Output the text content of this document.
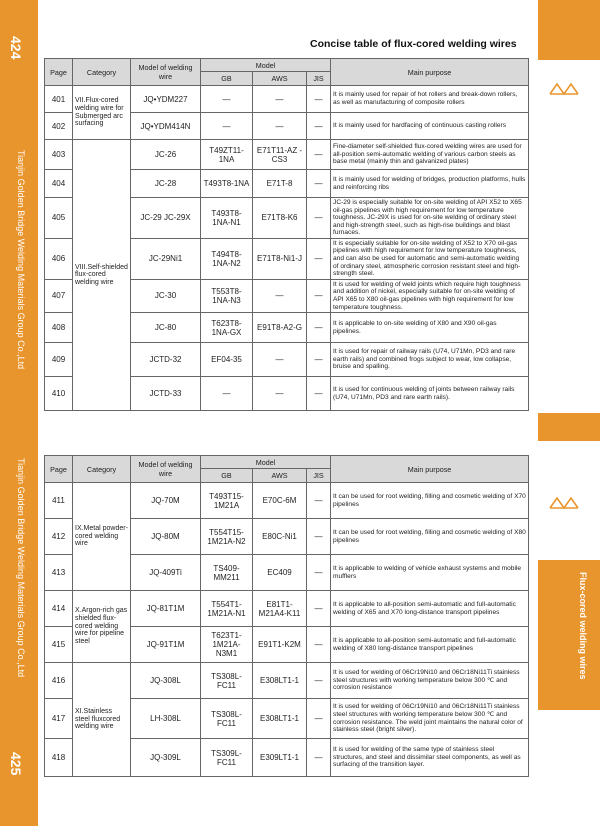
424
Tianjin Golden Bridge Welding Materials Group Co.,Ltd
Tianjin Golden Bridge Welding Materials Group Co.,Ltd
425
Flux-cored welding wires
Concise table of flux-cored welding wires
Page	Category	Model of welding wire	Model			Main purpose
			GB	AWS	JIS	
401	VII.Flux-cored welding wire for Submerged arc surfacing	JQ•YDM227	—	—	—	It is mainly used for repair of hot rollers and break-down rollers, as well as manufacturing of composite rollers
402		JQ•YDM414N	—	—	—	It is mainly used for hardfacing of continuous casting rollers
403	VIII.Self-shielded flux-cored welding wire	JC-26	T49ZT11-1NA	E71T11-AZ -CS3	—	Fine-diameter self-shielded flux-cored welding wires are used for all-position semi-automatic welding of various carbon steels as base metal (mainly thin and galvanized plates)
404		JC-28	T493T8-1NA	E71T-8	—	It is mainly used for welding of bridges, production platforms, hulls and reinforcing ribs
405		JC-29 JC-29X	T493T8- 1NA-N1	E71T8-K6	—	JC-29 is especially suitable for on-site welding of API X52 to X65 oil-gas pipelines with high requirement for low temperature toughness. JC-29X is used for on-site welding of ordinary steel and high-strength steel, such as high-rise buildings and blast furnaces.
406		JC-29Ni1	T494T8- 1NA-N2	E71T8-Ni1-J	—	It is especially suitable for on-site welding of X52 to X70 oil-gas pipelines with high requirement for low temperature toughness, and can also be used for automatic and semi-automatic welding of ordinary steel, atmospheric corrosion resistant steel and high-strength steel.
407		JC-30	T553T8- 1NA-N3	—	—	It is used for welding of weld joints which require high toughness and addition of nickel, especially suitable for on-site welding of API X65 to X80 oil-gas pipelines with high requirement for low temperature toughness.
408		JC-80	T623T8- 1NA-GX	E91T8-A2-G	—	It is applicable to on-site welding of X80 and X90 oil-gas pipelines.
409		JCTD-32	EF04-35	—	—	It is used for repair of railway rails (U74, U71Mn, PD3 and rare earth rails) and combined frogs subject to wear, low collapse, bruise and spalling.
410		JCTD-33	—	—	—	It is used for continuous welding of joints between railway rails (U74, U71Mn, PD3 and rare earth rails).
Page	Category	Model of welding wire	Model			Main purpose
			GB	AWS	JIS	
411	IX.Metal powder-cored welding wire	JQ-70M	T493T15- 1M21A	E70C-6M	—	It can be used for root welding, filling and cosmetic welding of X70 pipelines
412		JQ-80M	T554T15- 1M21A-N2	E80C-Ni1	—	It can be used for root welding, filling and cosmetic welding of X80 pipelines
413		JQ-409Ti	TS409- MM211	EC409	—	It is applicable to welding of vehicle exhaust systems and mobile mufflers
414	X.Argon-rich gas shielded flux-cored welding wire for pipeline steel	JQ-81T1M	T554T1- 1M21A-N1	E81T1- M21A4-K11	—	It is applicable to all-position semi-automatic and full-automatic welding of X65 and X70 long-distance transport pipelines
415		JQ-91T1M	T623T1- 1M21A-N3M1	E91T1-K2M	—	It is applicable to all-position semi-automatic and full-automatic welding of X80 long-distance transport pipelines
416	XI.Stainless steel fluxcored welding wire	JQ-308L	TS308L-FC11	E308LT1-1	—	It is used for welding of 06Cr19Ni10 and 06Cr18Ni11Ti stainless steel structures with working temperature below 300 ℃ and corrosion resistance
417		LH-308L	TS308L-FC11	E308LT1-1	—	It is used for welding of 06Cr19Ni10 and 06Cr18Ni11Ti stainless steel structures with working temperature below 300 ℃ and corrosion resistance. The weld joint maintains the natural color of stainless steel (bright silver).
418		JQ-309L	TS309L-FC11	E309LT1-1	—	It is used for welding of the same type of stainless steel structures, and steel and dissimilar steel components, as well as surfacing of the transition layer.
